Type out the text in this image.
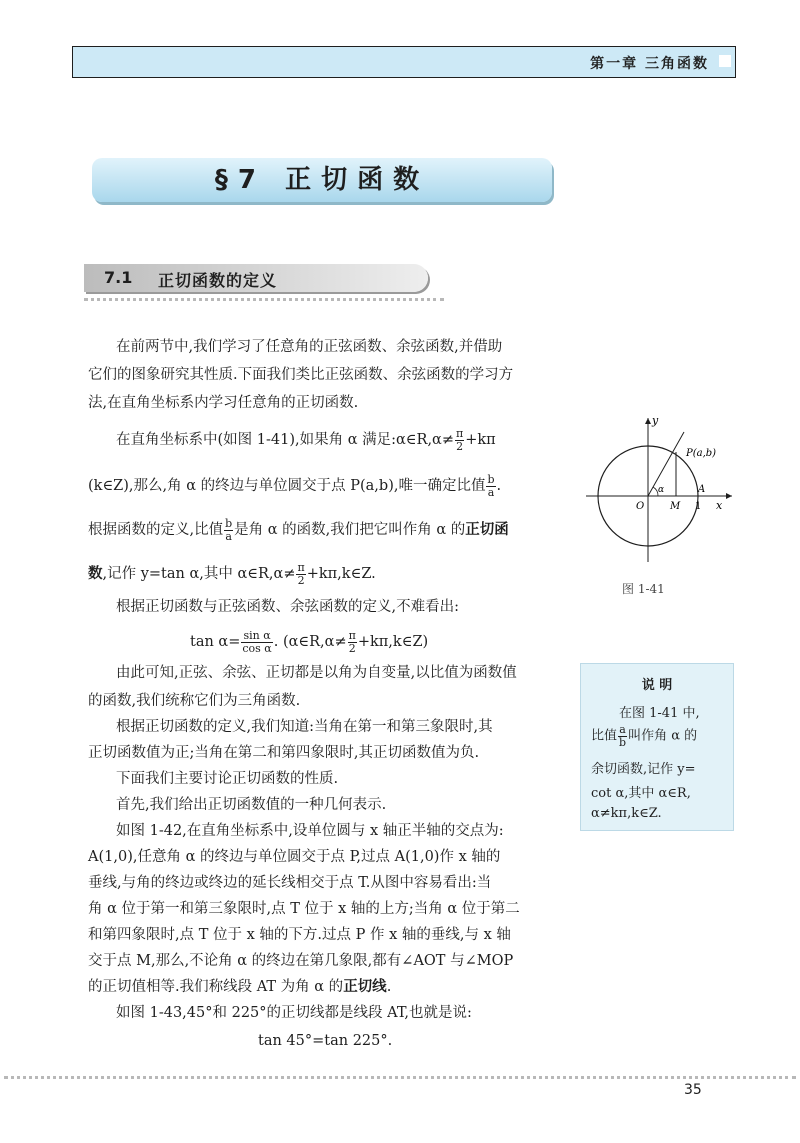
第一章 三角函数
§7 正切函数
7.1 正切函数的定义
在前两节中,我们学习了任意角的正弦函数、余弦函数,并借助
它们的图象研究其性质.下面我们类比正弦函数、余弦函数的学习方
法,在直角坐标系内学习任意角的正切函数.
在直角坐标系中(如图 1-41),如果角 α 满足:α∈R,α≠ $\frac{\pi}{2} +k\pi$
(k∈Z),那么,角 α 的终边与单位圆交于点 P(a,b),唯一确定比值 $\frac{b}{a}$ .
根据函数的定义,比值 $\frac{b}{a}$ 是角 α 的函数,我们把它叫作角 α 的正切函
数,记作 y=tan α,其中 α∈R,α≠ $\frac{\pi}{2}$ +kπ,k∈Z.
根据正切函数与正弦函数、余弦函数的定义,不难看出:
$\tan \alpha= \frac{\text{sin α}}{\text{cos α}}$ . (α∈R,α≠ $\frac{\pi}{2}$ +kπ,k∈Z)
由此可知,正弦、余弦、正切都是以角为自变量,以比值为函数值
的函数,我们统称它们为三角函数.
根据正切函数的定义,我们知道:当角在第一和第三象限时,其
正切函数值为正;当角在第二和第四象限时,其正切函数值为负.
下面我们主要讨论正切函数的性质.
首先,我们给出正切函数值的一种几何表示.
如图 1-42,在直角坐标系中,设单位圆与 x 轴正半轴的交点为:
A(1,0),任意角 α 的终边与单位圆交于点 P,过点 A(1,0)作 x 轴的
垂线,与角的终边或终边的延长线相交于点 T.从图中容易看出:当
角 α 位于第一和第三象限时,点 T 位于 x 轴的上方;当角 α 位于第二
和第四象限时,点 T 位于 x 轴的下方.过点 P 作 x 轴的垂线,与 x 轴
交于点 M,那么,不论角 α 的终边在第几象限,都有∠AOT 与∠MOP
的正切值相等.我们称线段 AT 为角 α 的正切线.
如图 1-43,45°和 225°的正切线都是线段 AT,也就是说:
tan 45°=tan 225°.
y
x
P(a,b)
α
O	M
A
1
图 1-41
说 明
在图 1-41 中,
比值 $\frac{a}{b}$ 叫作角 α 的
余切函数,记作 y=
cot α,其中 α∈R,
α≠kπ,k∈Z.
35
